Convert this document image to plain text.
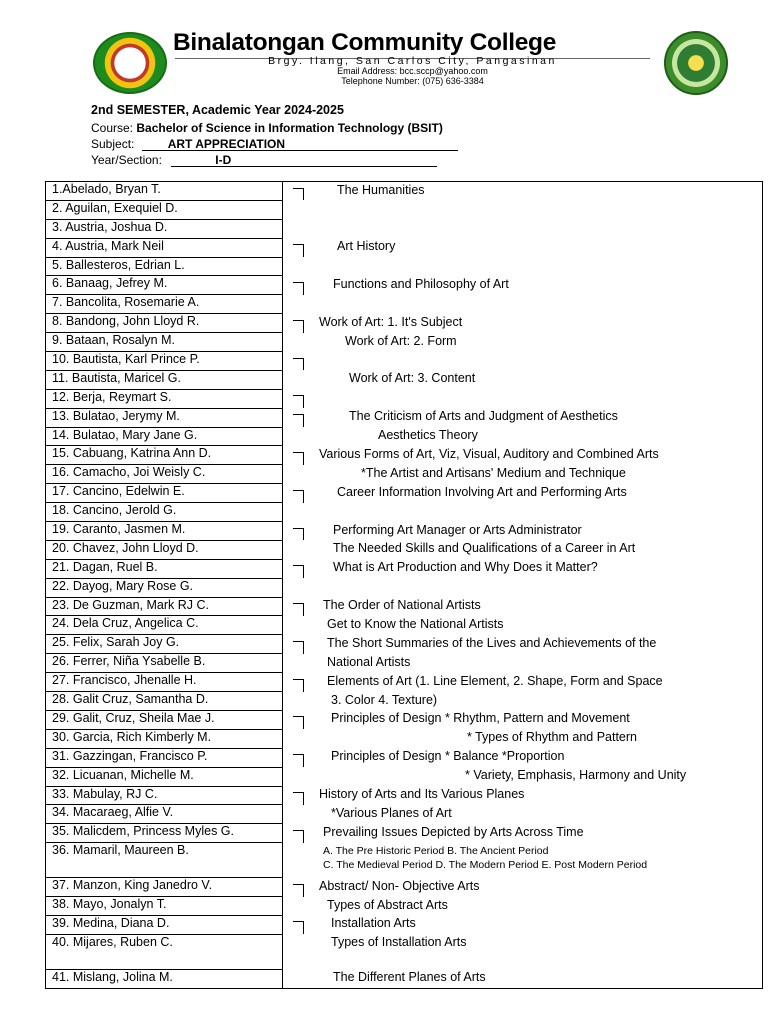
Binalatongan Community College
Brgy. Ilang, San Carlos City, Pangasinan
Email Address: bcc.sccp@yahoo.com
Telephone Number: (075) 636-3384
2nd SEMESTER, Academic Year 2024-2025
Course: Bachelor of Science in Information Technology (BSIT)
Subject:	ART APPRECIATION
Year/Section:	I-D
1.Abelado, Bryan T.	The Humanities

2. Aguilan, Exequiel D.	

3. Austria, Joshua D.	

4. Austria, Mark Neil	Art History

5. Ballesteros, Edrian L.	

6. Banaag, Jefrey M.	Functions and Philosophy of Art

7. Bancolita, Rosemarie A.	

8. Bandong, John Lloyd R.	Work of Art: 1. It's Subject

9. Bataan, Rosalyn M.	Work of Art: 2. Form

10. Bautista, Karl Prince P.	

11. Bautista, Maricel G.	Work of Art: 3. Content

12. Berja, Reymart S.	

13. Bulatao, Jerymy M.	The Criticism of Arts and Judgment of Aesthetics

14. Bulatao, Mary Jane G.	Aesthetics Theory

15. Cabuang, Katrina Ann D.	Various Forms of Art, Viz, Visual, Auditory and Combined Arts

16. Camacho, Joi Weisly C.	*The Artist and Artisans' Medium and Technique

17. Cancino, Edelwin E.	Career Information Involving Art and Performing Arts

18. Cancino, Jerold G.	

19. Caranto, Jasmen M.	Performing Art Manager or Arts Administrator

20. Chavez, John Lloyd D.	The Needed Skills and Qualifications of a Career in Art

21. Dagan, Ruel B.	What is Art Production and Why Does it Matter?

22. Dayog, Mary Rose G.	

23. De Guzman, Mark RJ C.	The Order of National Artists

24. Dela Cruz, Angelica C.	Get to Know the National Artists

25. Felix, Sarah Joy G.	The Short Summaries of the Lives and Achievements of the

26. Ferrer, Niña Ysabelle B.	National Artists

27. Francisco, Jhenalle H.	Elements of Art (1. Line Element, 2. Shape, Form and Space

28. Galit Cruz, Samantha D.	3. Color 4. Texture)

29. Galit, Cruz, Sheila Mae J.	Principles of Design * Rhythm, Pattern and Movement

30. Garcia, Rich Kimberly M.	* Types of Rhythm and Pattern

31. Gazzingan, Francisco P.	Principles of Design * Balance *Proportion

32. Licuanan, Michelle M.	* Variety, Emphasis, Harmony and Unity

33. Mabulay, RJ C.	History of Arts and Its Various Planes

34. Macaraeg, Alfie V.	*Various Planes of Art

35. Malicdem, Princess Myles G.	Prevailing Issues Depicted by Arts Across Time

36. Mamaril, Maureen B.	A. The Pre Historic Period B. The Ancient Period
C. The Medieval Period D. The Modern Period E. Post Modern Period

37. Manzon, King Janedro V.	Abstract/ Non- Objective Arts

38. Mayo, Jonalyn T.	Types of Abstract Arts

39. Medina, Diana D.	Installation Arts

40. Mijares, Ruben C.	Types of Installation Arts

41. Mislang, Jolina M.	The Different Planes of Arts
